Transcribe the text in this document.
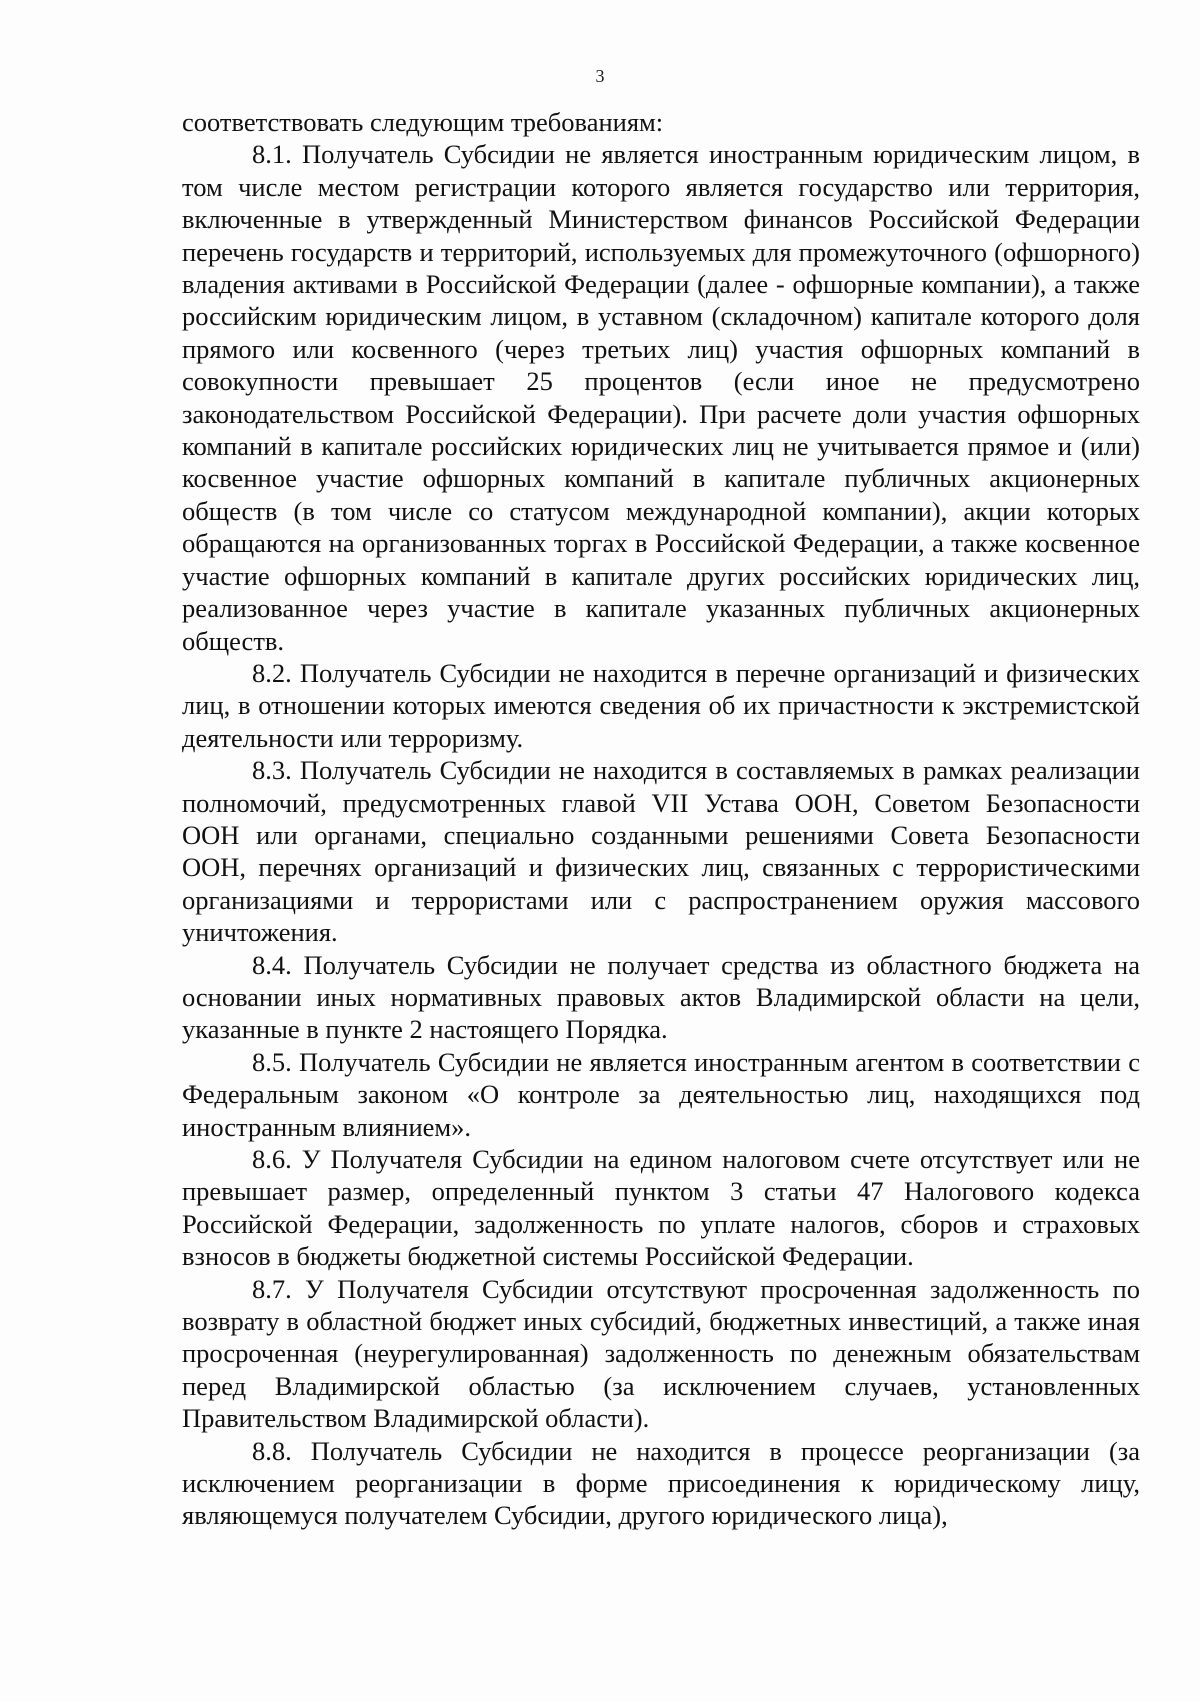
3

соответствовать следующим требованиям:

8.1. Получатель Субсидии не является иностранным юридическим лицом, в том числе местом регистрации которого является государство или территория, включенные в утвержденный Министерством финансов Российской Федерации перечень государств и территорий, используемых для промежуточного (офшорного) владения активами в Российской Федерации (далее - офшорные компании), а также российским юридическим лицом, в уставном (складочном) капитале которого доля прямого или косвенного (через третьих лиц) участия офшорных компаний в совокупности превышает 25 процентов (если иное не предусмотрено законодательством Российской Федерации). При расчете доли участия офшорных компаний в капитале российских юридических лиц не учитывается прямое и (или) косвенное участие офшорных компаний в капитале публичных акционерных обществ (в том числе со статусом международной компании), акции которых обращаются на организованных торгах в Российской Федерации, а также косвенное участие офшорных компаний в капитале других российских юридических лиц, реализованное через участие в капитале указанных публичных акционерных обществ.

8.2. Получатель Субсидии не находится в перечне организаций и физических лиц, в отношении которых имеются сведения об их причастности к экстремистской деятельности или терроризму.

8.3. Получатель Субсидии не находится в составляемых в рамках реализации полномочий, предусмотренных главой VII Устава ООН, Советом Безопасности ООН или органами, специально созданными решениями Совета Безопасности ООН, перечнях организаций и физических лиц, связанных с террористическими организациями и террористами или с распространением оружия массового уничтожения.

8.4. Получатель Субсидии не получает средства из областного бюджета на основании иных нормативных правовых актов Владимирской области на цели, указанные в пункте 2 настоящего Порядка.

8.5. Получатель Субсидии не является иностранным агентом в соответствии с Федеральным законом «О контроле за деятельностью лиц, находящихся под иностранным влиянием».

8.6. У Получателя Субсидии на едином налоговом счете отсутствует или не превышает размер, определенный пунктом 3 статьи 47 Налогового кодекса Российской Федерации, задолженность по уплате налогов, сборов и страховых взносов в бюджеты бюджетной системы Российской Федерации.

8.7. У Получателя Субсидии отсутствуют просроченная задолженность по возврату в областной бюджет иных субсидий, бюджетных инвестиций, а также иная просроченная (неурегулированная) задолженность по денежным обязательствам перед Владимирской областью (за исключением случаев, установленных Правительством Владимирской области).

8.8. Получатель Субсидии не находится в процессе реорганизации (за исключением реорганизации в форме присоединения к юридическому лицу, являющемуся получателем Субсидии, другого юридического лица),
